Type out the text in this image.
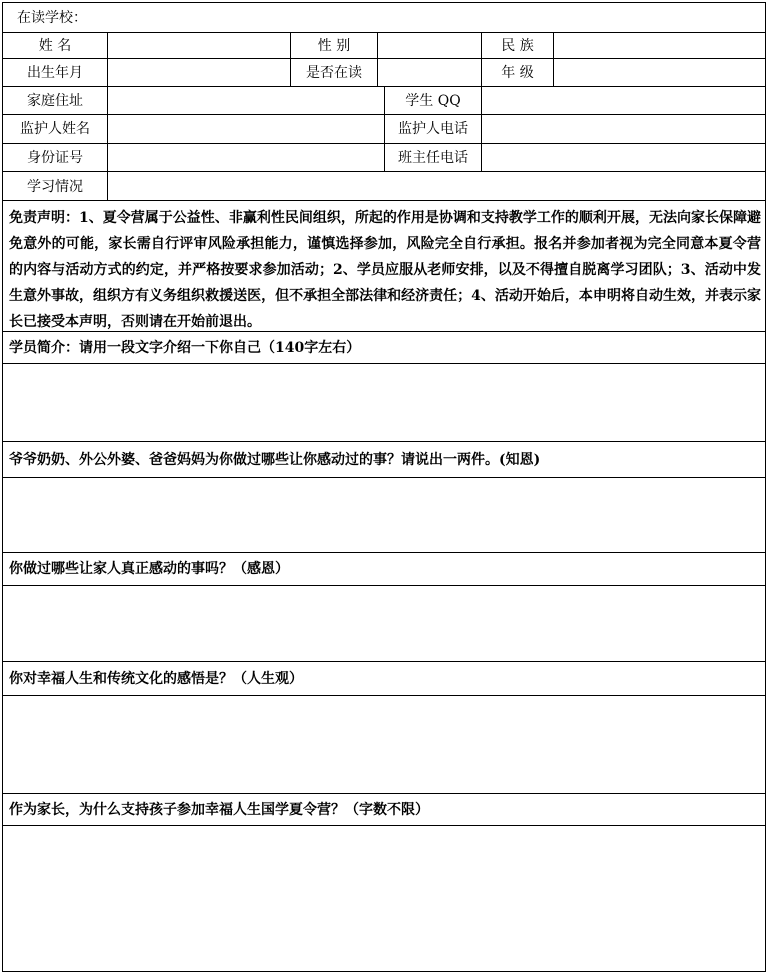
在读学校：
姓 名	性 别	民 族
出生年月	是否在读	年 级
家庭住址	学生 QQ
监护人姓名	监护人电话
身份证号	班主任电话
学习情况
免责声明：1、夏令营属于公益性、非赢利性民间组织，所起的作用是协调和支持教学工作的顺利开展，无法向家长保障避免意外的可能，家长需自行评审风险承担能力，谨慎选择参加，风险完全自行承担。报名并参加者视为完全同意本夏令营的内容与活动方式的约定，并严格按要求参加活动；2、学员应服从老师安排，以及不得擅自脱离学习团队；3、活动中发生意外事故，组织方有义务组织救援送医，但不承担全部法律和经济责任；4、活动开始后，本申明将自动生效，并表示家长已接受本声明，否则请在开始前退出。
学员简介：请用一段文字介绍一下你自己（140字左右）
爷爷奶奶、外公外婆、爸爸妈妈为你做过哪些让你感动过的事？请说出一两件。(知恩)
你做过哪些让家人真正感动的事吗？（感恩）
你对幸福人生和传统文化的感悟是？（人生观）
作为家长，为什么支持孩子参加幸福人生国学夏令营？（字数不限）
